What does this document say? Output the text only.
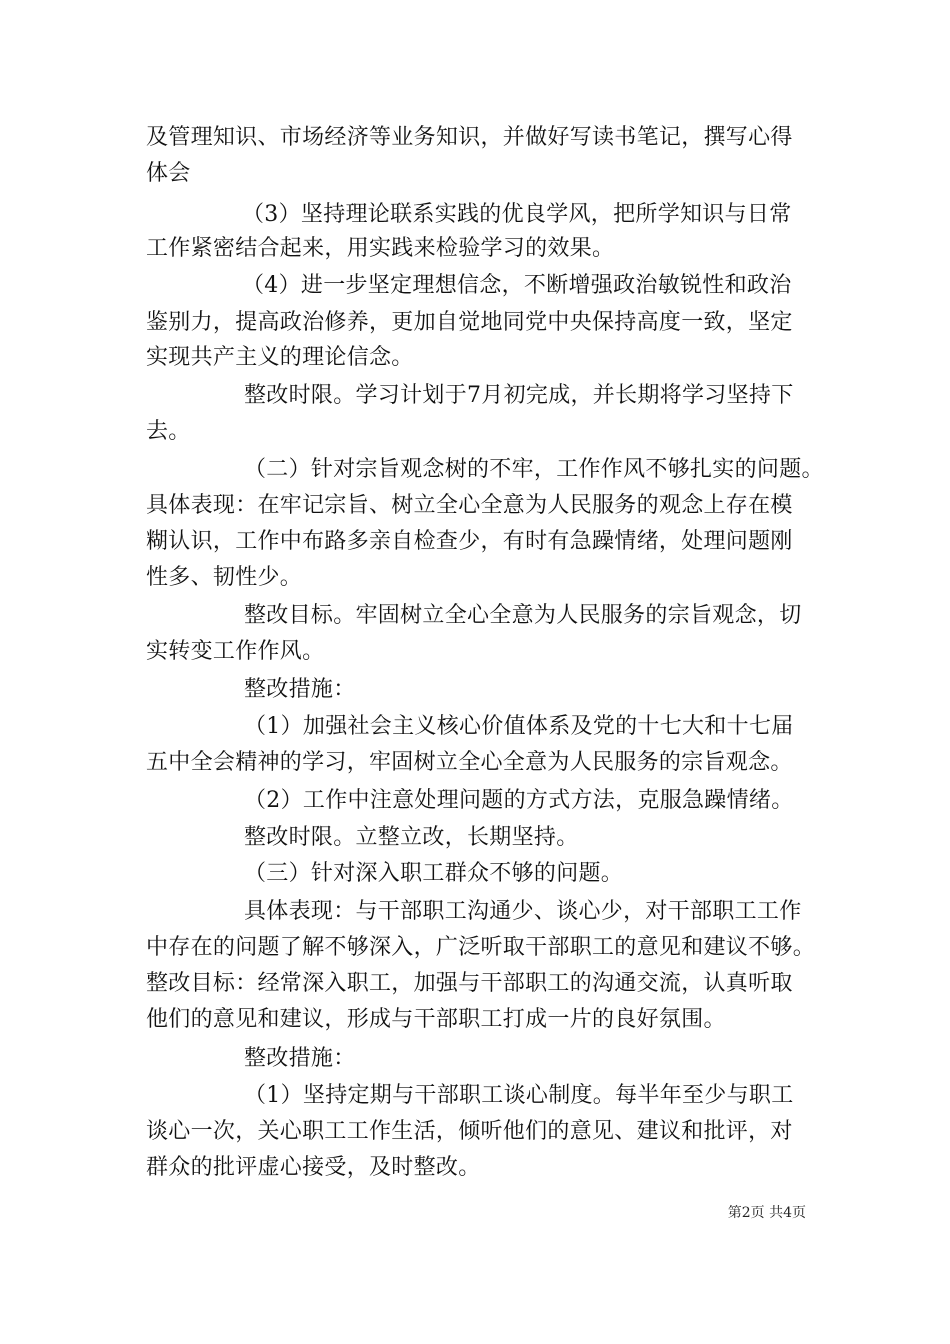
及管理知识、市场经济等业务知识，并做好写读书笔记，撰写心得
体会
（3）坚持理论联系实践的优良学风，把所学知识与日常
工作紧密结合起来，用实践来检验学习的效果。
（4）进一步坚定理想信念，不断增强政治敏锐性和政治
鉴别力，提高政治修养，更加自觉地同党中央保持高度一致，坚定
实现共产主义的理论信念。
整改时限。学习计划于7月初完成，并长期将学习坚持下
去。
（二）针对宗旨观念树的不牢，工作作风不够扎实的问题。
具体表现：在牢记宗旨、树立全心全意为人民服务的观念上存在模
糊认识，工作中布路多亲自检查少，有时有急躁情绪，处理问题刚
性多、韧性少。
整改目标。牢固树立全心全意为人民服务的宗旨观念，切
实转变工作作风。
整改措施：
（1）加强社会主义核心价值体系及党的十七大和十七届
五中全会精神的学习，牢固树立全心全意为人民服务的宗旨观念。
（2）工作中注意处理问题的方式方法，克服急躁情绪。
整改时限。立整立改，长期坚持。
（三）针对深入职工群众不够的问题。
具体表现：与干部职工沟通少、谈心少，对干部职工工作
中存在的问题了解不够深入，广泛听取干部职工的意见和建议不够。
整改目标：经常深入职工，加强与干部职工的沟通交流，认真听取
他们的意见和建议，形成与干部职工打成一片的良好氛围。
整改措施：
（1）坚持定期与干部职工谈心制度。每半年至少与职工
谈心一次，关心职工工作生活，倾听他们的意见、建议和批评，对
群众的批评虚心接受，及时整改。
第2页 共4页
